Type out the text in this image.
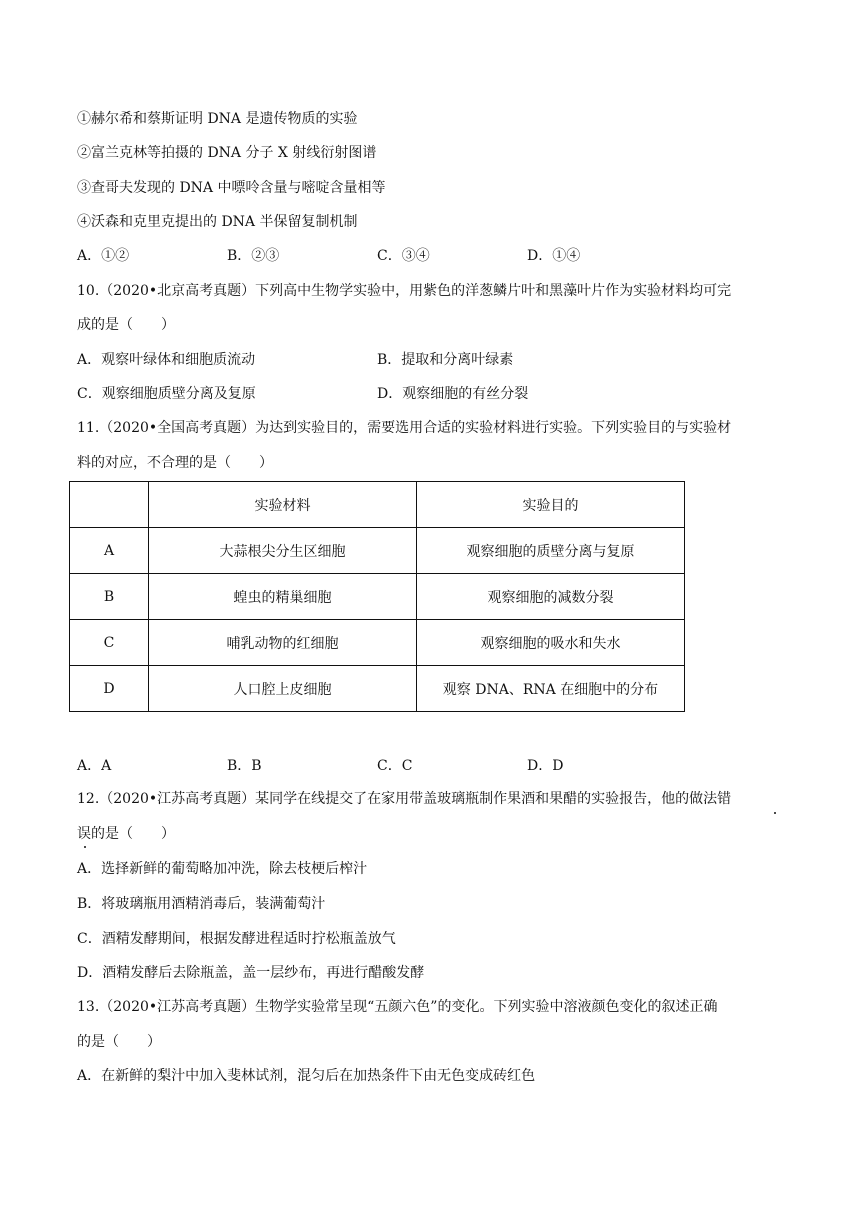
①赫尔希和蔡斯证明 DNA 是遗传物质的实验
②富兰克林等拍摄的 DNA 分子 X 射线衍射图谱
③查哥夫发现的 DNA 中嘌呤含量与嘧啶含量相等
④沃森和克里克提出的 DNA 半保留复制机制
A．①②	B．②③	C．③④	D．①④
10.（2020•北京高考真题）下列高中生物学实验中，用紫色的洋葱鳞片叶和黑藻叶片作为实验材料均可完
成的是（　　）
A．观察叶绿体和细胞质流动	B．提取和分离叶绿素
C．观察细胞质壁分离及复原	D．观察细胞的有丝分裂
11.（2020•全国高考真题）为达到实验目的，需要选用合适的实验材料进行实验。下列实验目的与实验材
料的对应，不合理的是（　　）
	实验材料	实验目的
A	大蒜根尖分生区细胞	观察细胞的质壁分离与复原
B	蝗虫的精巢细胞	观察细胞的减数分裂
C	哺乳动物的红细胞	观察细胞的吸水和失水
D	人口腔上皮细胞	观察 DNA、RNA 在细胞中的分布
A．A	B．B	C．C	D．D
12.（2020•江苏高考真题）某同学在线提交了在家用带盖玻璃瓶制作果酒和果醋的实验报告，他的做法错
误的是（　　）
A．选择新鲜的葡萄略加冲洗，除去枝梗后榨汁
B．将玻璃瓶用酒精消毒后，装满葡萄汁
C．酒精发酵期间，根据发酵进程适时拧松瓶盖放气
D．酒精发酵后去除瓶盖，盖一层纱布，再进行醋酸发酵
13.（2020•江苏高考真题）生物学实验常呈现“五颜六色”的变化。下列实验中溶液颜色变化的叙述正确
的是（　　）
A．在新鲜的梨汁中加入斐林试剂，混匀后在加热条件下由无色变成砖红色
